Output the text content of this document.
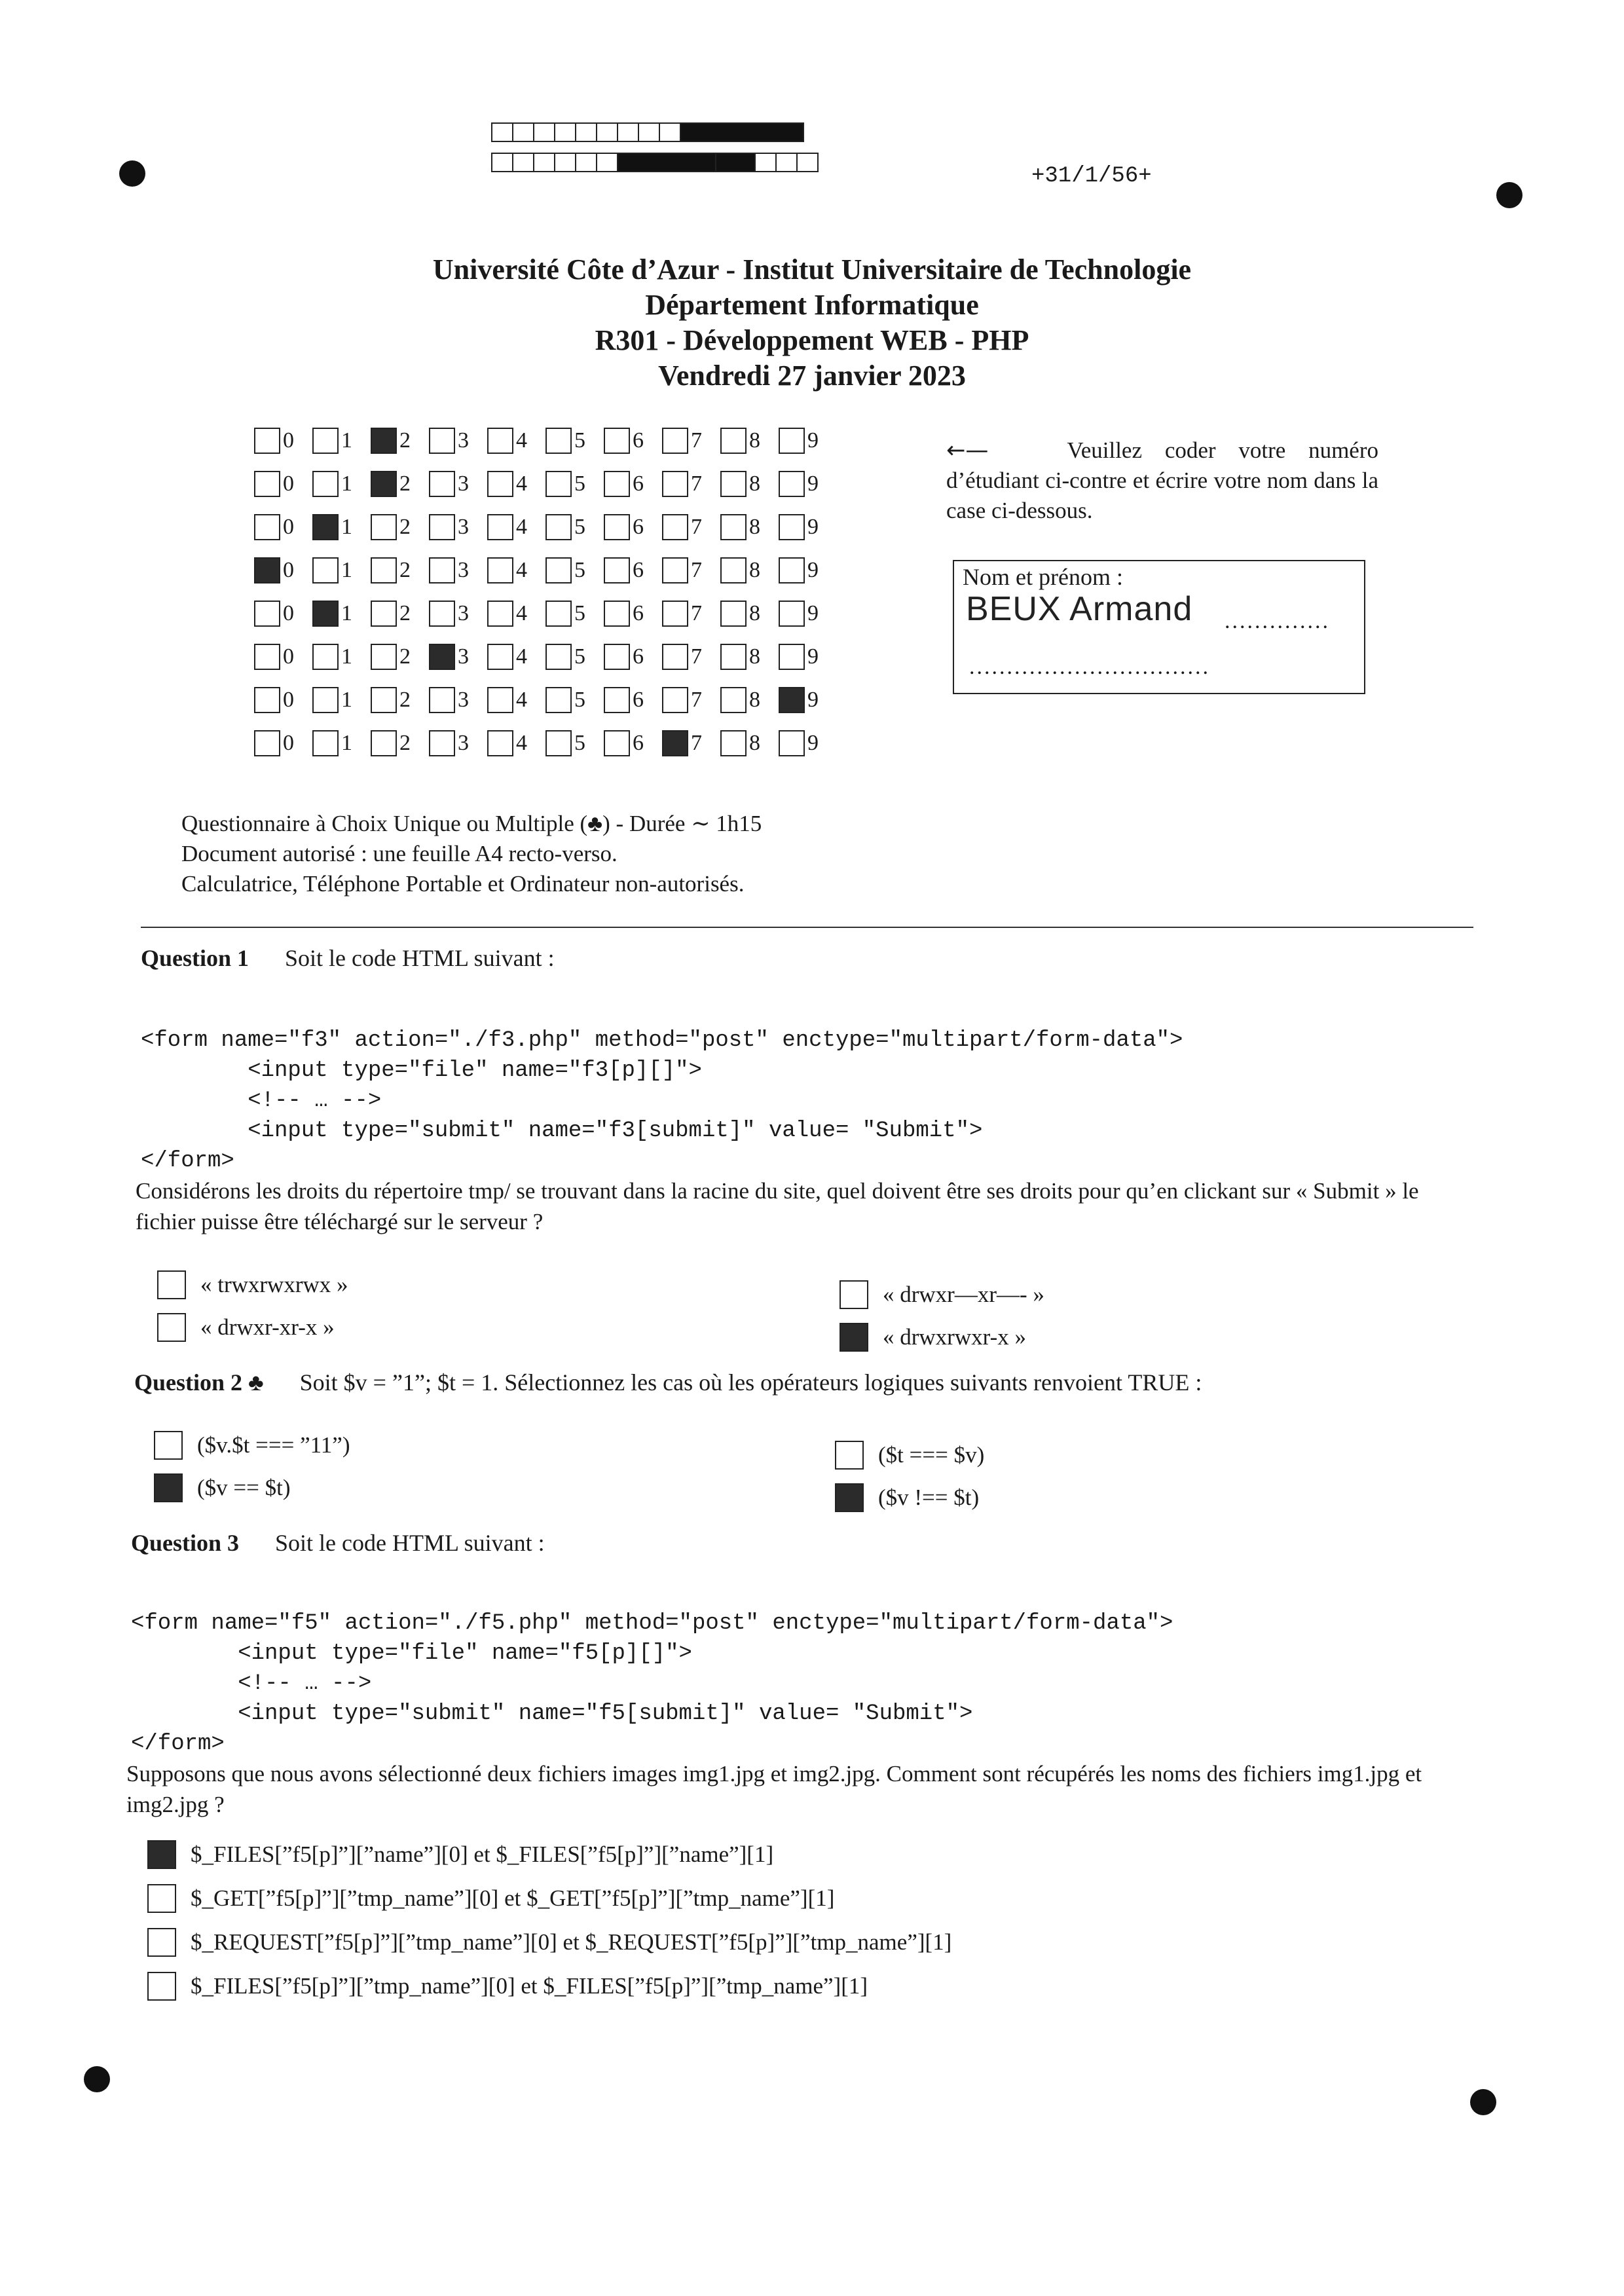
+31/1/56+
Université Côte d’Azur - Institut Universitaire de Technologie
Département Informatique
R301 - Développement WEB - PHP
Vendredi 27 janvier 2023
0 1 2 3 4 5 6 7 8 9
0 1 2 3 4 5 6 7 8 9
0 1 2 3 4 5 6 7 8 9
0 1 2 3 4 5 6 7 8 9
0 1 2 3 4 5 6 7 8 9
0 1 2 3 4 5 6 7 8 9
0 1 2 3 4 5 6 7 8 9
0 1 2 3 4 5 6 7 8 9
←—	Veuillez coder votre numéro d’étudiant ci-contre et écrire votre nom dans la case ci-dessous.
Nom et prénom :
BEUX Armand ..............
................................
Questionnaire à Choix Unique ou Multiple (♣) - Durée ∼ 1h15
Document autorisé : une feuille A4 recto-verso.
Calculatrice, Téléphone Portable et Ordinateur non-autorisés.
Question 1 Soit le code HTML suivant :

<form name="f3" action="./f3.php" method="post" enctype="multipart/form-data">
<input type="file" name="f3[p][]">
<!-- … -->
<input type="submit" name="f3[submit]" value= "Submit">
</form>
Considérons les droits du répertoire tmp/ se trouvant dans la racine du site, quel doivent être ses droits pour qu’en clickant sur « Submit » le fichier puisse être téléchargé sur le serveur ?
« trwxrwxrwx »
« drwxr-xr-x »
« drwxr—xr—- »
« drwxrwxr-x »
Question 2 ♣ Soit $v = ”1”; $t = 1. Sélectionnez les cas où les opérateurs logiques suivants renvoient TRUE :
($v.$t === ”11”)
($v == $t)
($t === $v)
($v !== $t)
Question 3 Soit le code HTML suivant :

<form name="f5" action="./f5.php" method="post" enctype="multipart/form-data">
<input type="file" name="f5[p][]">
<!-- … -->
<input type="submit" name="f5[submit]" value= "Submit">
</form>
Supposons que nous avons sélectionné deux fichiers images img1.jpg et img2.jpg. Comment sont récupérés les noms des fichiers img1.jpg et img2.jpg ?
$_FILES[”f5[p]”][”name”][0] et $_FILES[”f5[p]”][”name”][1]
$_GET[”f5[p]”][”tmp_name”][0] et $_GET[”f5[p]”][”tmp_name”][1]
$_REQUEST[”f5[p]”][”tmp_name”][0] et $_REQUEST[”f5[p]”][”tmp_name”][1]
$_FILES[”f5[p]”][”tmp_name”][0] et $_FILES[”f5[p]”][”tmp_name”][1]
